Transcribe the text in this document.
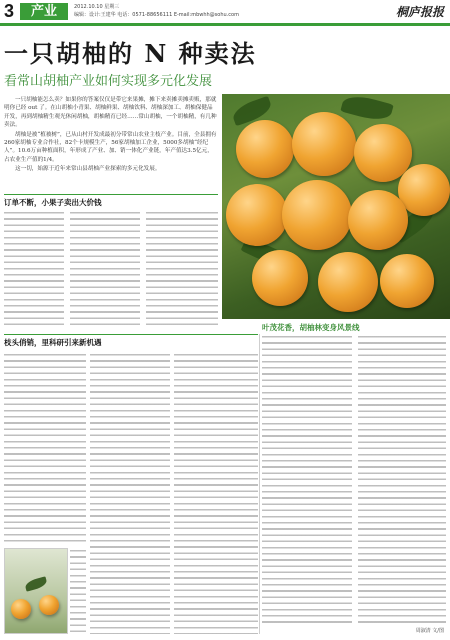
3	产业	2012.10.10 星期三
编辑：设计:王建华 电话：0571-88656111 E-mail:mbwhh@sohu.com	桐庐报报
一只胡柚的 N 种卖法
看常山胡柚产业如何实现多元化发展

一只胡柚能怎么卖？如果你的答案仅仅是带它来果摊，摊下来卖摊卖摊卖贩，那就明你已经 out 了。在山胡柚小青果、胡柚鲜果、胡柚饮料、胡柚深加工、胡柚保健品开发，再到胡柚精生观光休闲胡柚，胡柚精育已经……常山胡柚，一个胡柚精，有几种卖法。

胡柚是被“植被树”，已从山村开发成最初分带常山农业主枝产业。目前，全县拥有260家胡柚专业合作社，82个卡规模生产，56家胡柚加工企业，5000多胡柚“经纪人”。10.6万亩种植面积，年形成了产业、加、销一体化产业链，年产值达3.5亿元，占农业生产值的1/4。

这一切，始源于近年来常山县胡柚产业探索的多元化发展。

订单不断，小果子卖出大价钱
叶茂花香，胡柚林变身风景线
枝头俏销，里科研引来新机遇
周淑清 文/图
